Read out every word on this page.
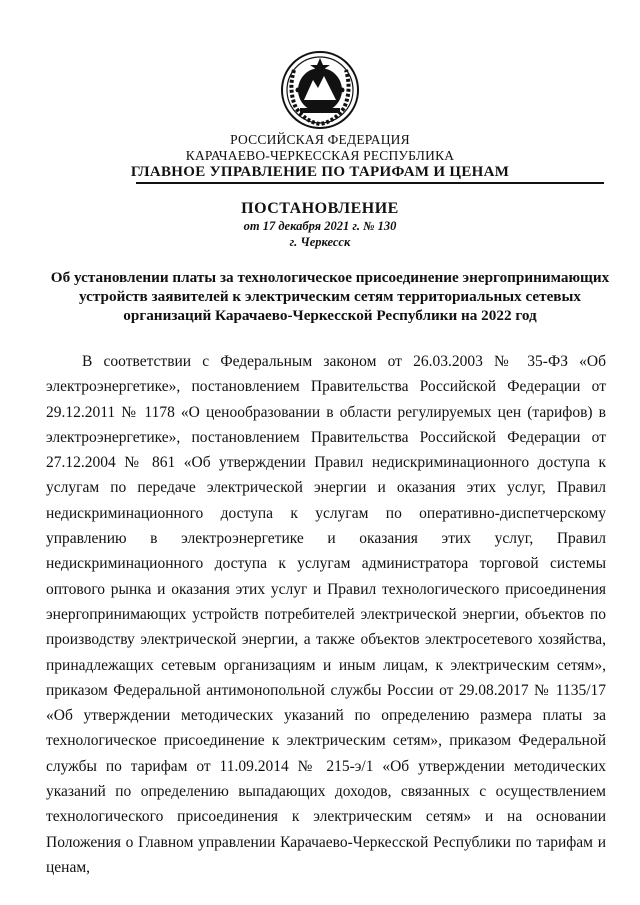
РОССИЙСКАЯ ФЕДЕРАЦИЯ
КАРАЧАЕВО-ЧЕРКЕССКАЯ РЕСПУБЛИКА
ГЛАВНОЕ УПРАВЛЕНИЕ ПО ТАРИФАМ И ЦЕНАМ
ПОСТАНОВЛЕНИЕ
от 17 декабря 2021 г. № 130
г. Черкесск
Об установлении платы за технологическое присоединение энергопринимающих устройств заявителей к электрическим сетям территориальных сетевых организаций Карачаево-Черкесской Республики на 2022 год
В соответствии с Федеральным законом от 26.03.2003 № 35-ФЗ «Об электроэнергетике», постановлением Правительства Российской Федерации от 29.12.2011 № 1178 «О ценообразовании в области регулируемых цен (тарифов) в электроэнергетике», постановлением Правительства Российской Федерации от 27.12.2004 № 861 «Об утверждении Правил недискриминационного доступа к услугам по передаче электрической энергии и оказания этих услуг, Правил недискриминационного доступа к услугам по оперативно-диспетчерскому управлению в электроэнергетике и оказания этих услуг, Правил недискриминационного доступа к услугам администратора торговой системы оптового рынка и оказания этих услуг и Правил технологического присоединения энергопринимающих устройств потребителей электрической энергии, объектов по производству электрической энергии, а также объектов электросетевого хозяйства, принадлежащих сетевым организациям и иным лицам, к электрическим сетям», приказом Федеральной антимонопольной службы России от 29.08.2017 № 1135/17 «Об утверждении методических указаний по определению размера платы за технологическое присоединение к электрическим сетям», приказом Федеральной службы по тарифам от 11.09.2014 № 215-э/1 «Об утверждении методических указаний по определению выпадающих доходов, связанных с осуществлением технологического присоединения к электрическим сетям» и на основании Положения о Главном управлении Карачаево-Черкесской Республики по тарифам и ценам,
